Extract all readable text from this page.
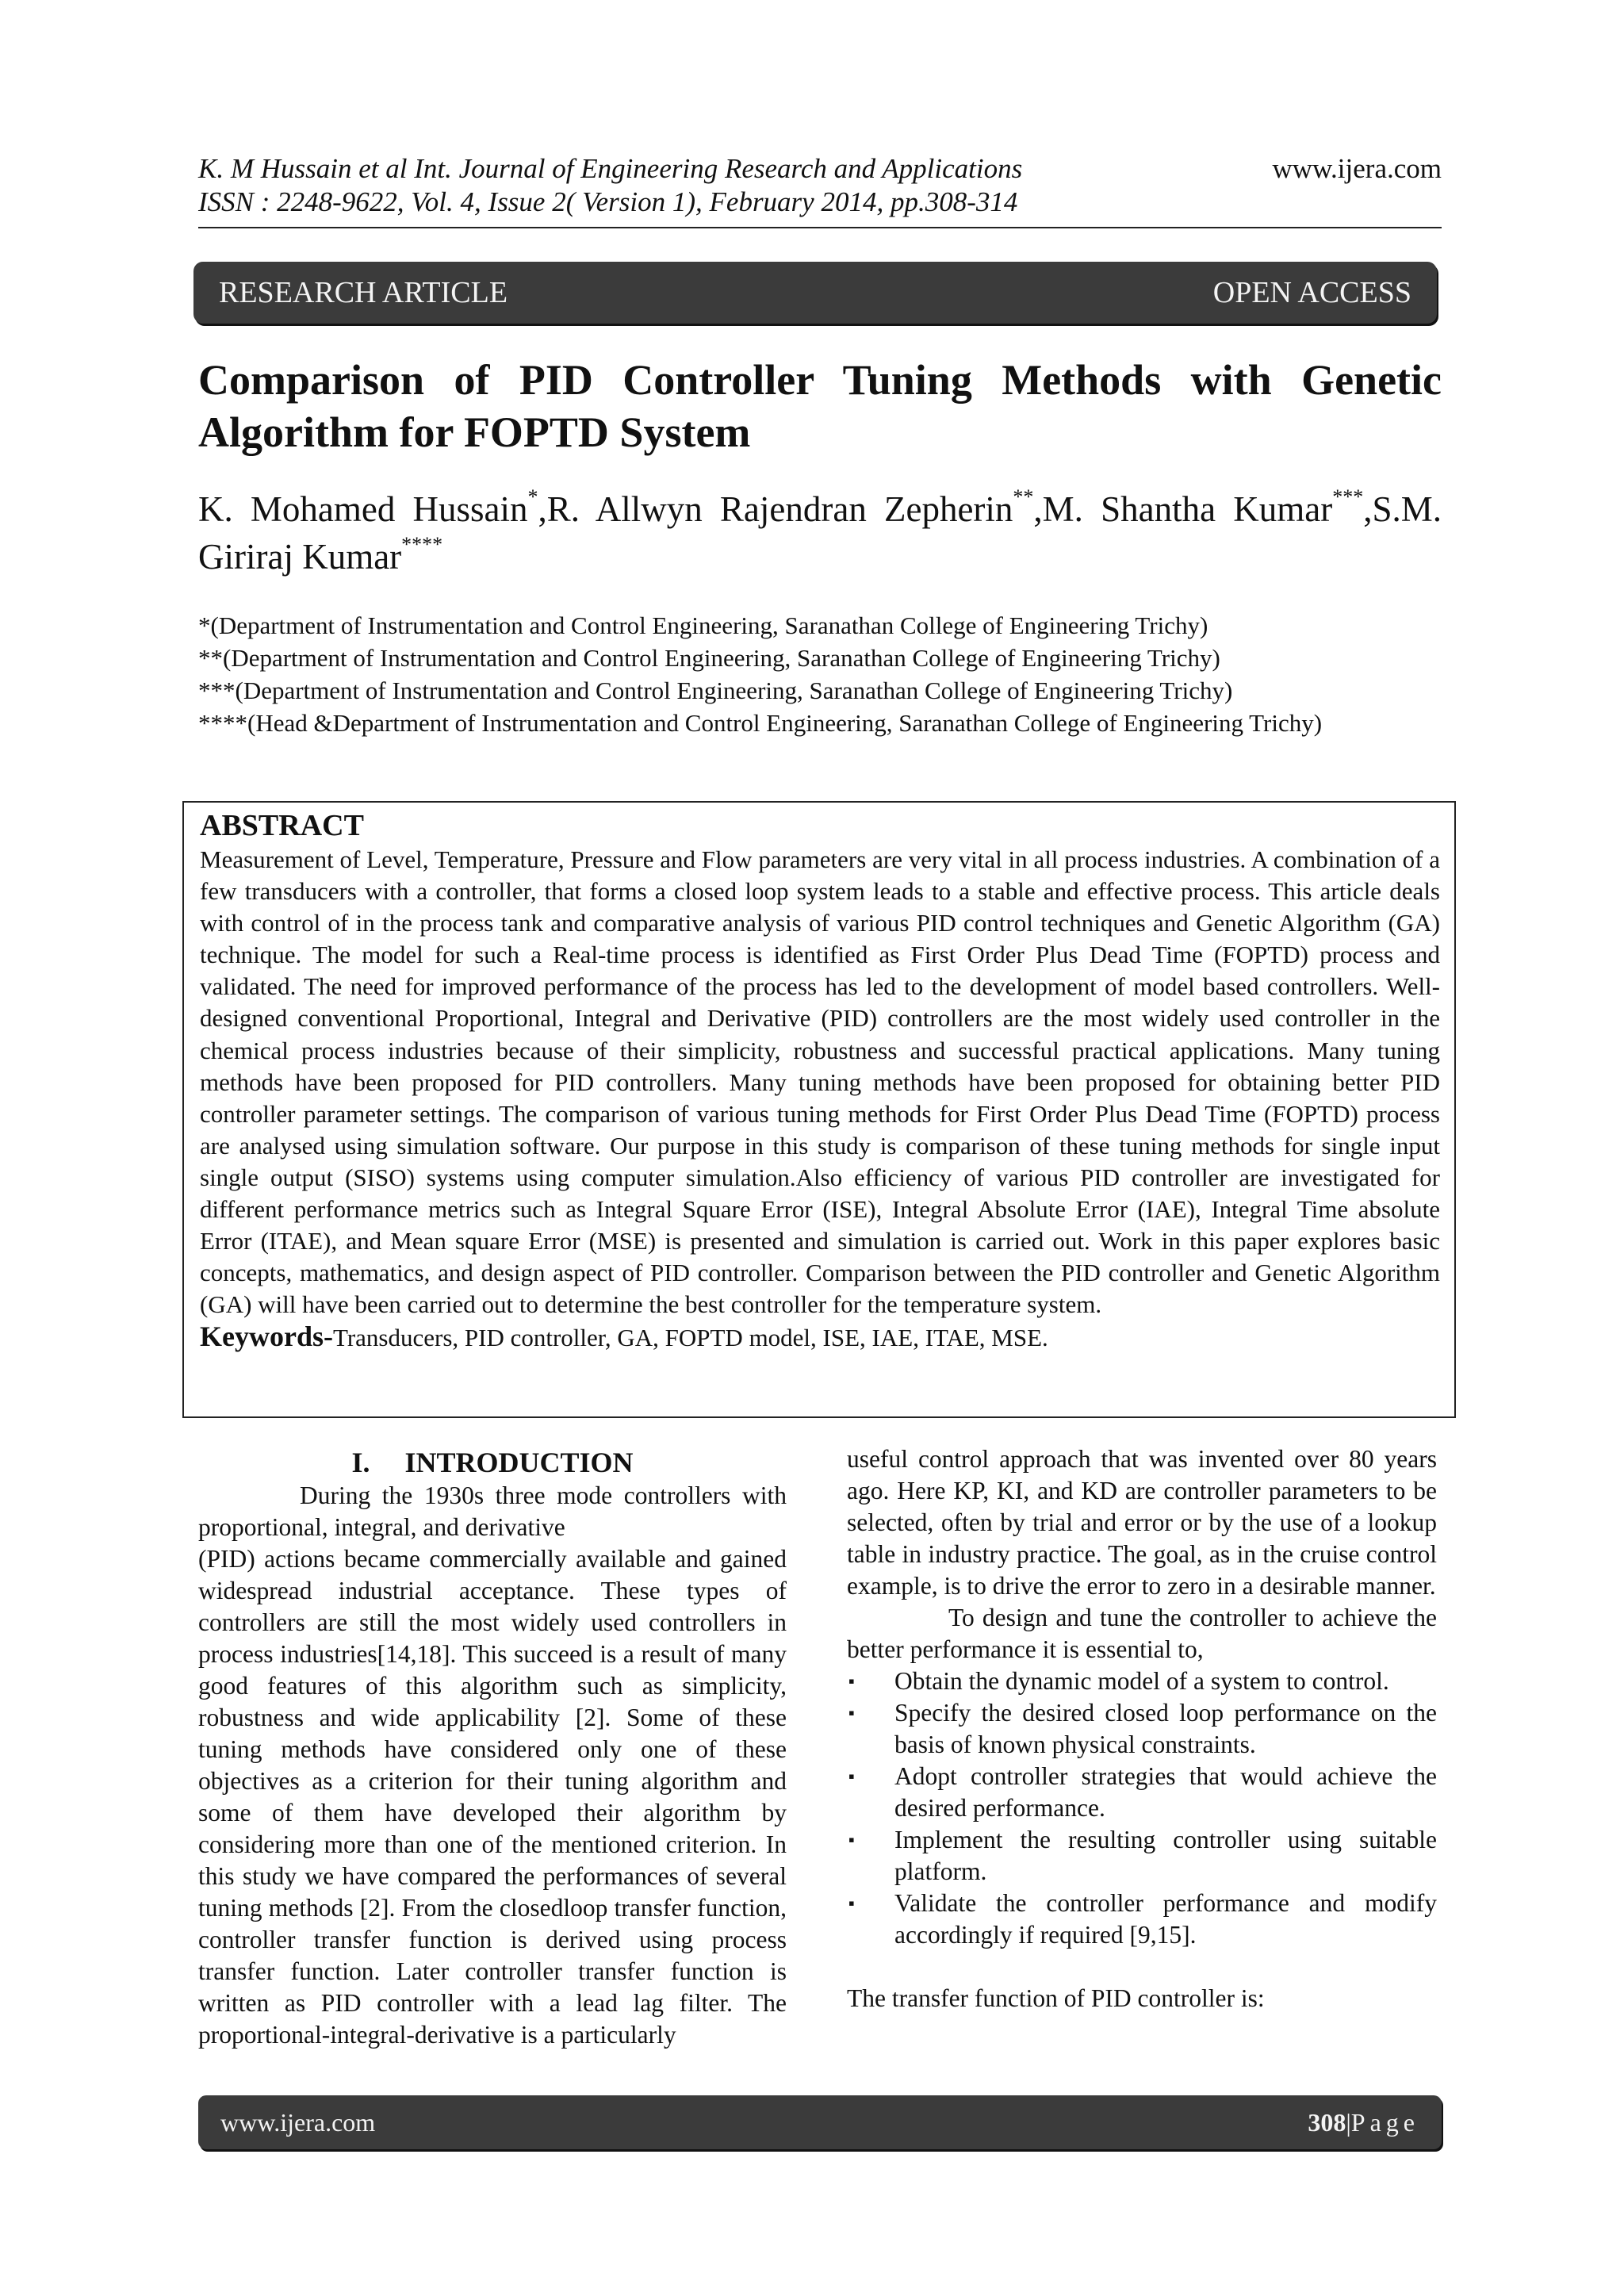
K. M Hussain et al Int. Journal of Engineering Research and Applications
ISSN : 2248-9622, Vol. 4, Issue 2( Version 1), February 2014, pp.308-314
www.ijera.com
RESEARCH ARTICLE	OPEN ACCESS
Comparison of PID Controller Tuning Methods with Genetic Algorithm for FOPTD System
K. Mohamed Hussain*,R. Allwyn Rajendran Zepherin**,M. Shantha Kumar***,S.M. Giriraj Kumar****

*(Department of Instrumentation and Control Engineering, Saranathan College of Engineering Trichy)

**(Department of Instrumentation and Control Engineering, Saranathan College of Engineering Trichy)

***(Department of Instrumentation and Control Engineering, Saranathan College of Engineering Trichy)

****(Head &Department of Instrumentation and Control Engineering, Saranathan College of Engineering Trichy)

ABSTRACT

Measurement of Level, Temperature, Pressure and Flow parameters are very vital in all process industries. A combination of a few transducers with a controller, that forms a closed loop system leads to a stable and effective process. This article deals with control of in the process tank and comparative analysis of various PID control techniques and Genetic Algorithm (GA) technique. The model for such a Real-time process is identified as First Order Plus Dead Time (FOPTD) process and validated. The need for improved performance of the process has led to the development of model based controllers. Well-designed conventional Proportional, Integral and Derivative (PID) controllers are the most widely used controller in the chemical process industries because of their simplicity, robustness and successful practical applications. Many tuning methods have been proposed for PID controllers. Many tuning methods have been proposed for obtaining better PID controller parameter settings. The comparison of various tuning methods for First Order Plus Dead Time (FOPTD) process are analysed using simulation software. Our purpose in this study is comparison of these tuning methods for single input single output (SISO) systems using computer simulation.Also efficiency of various PID controller are investigated for different performance metrics such as Integral Square Error (ISE), Integral Absolute Error (IAE), Integral Time absolute Error (ITAE), and Mean square Error (MSE) is presented and simulation is carried out. Work in this paper explores basic concepts, mathematics, and design aspect of PID controller. Comparison between the PID controller and Genetic Algorithm (GA) will have been carried out to determine the best controller for the temperature system.

Keywords-Transducers, PID controller, GA, FOPTD model, ISE, IAE, ITAE, MSE.
I. INTRODUCTION

During the 1930s three mode controllers with proportional, integral, and derivative

(PID) actions became commercially available and gained widespread industrial acceptance. These types of controllers are still the most widely used controllers in process industries[14,18]. This succeed is a result of many good features of this algorithm such as simplicity, robustness and wide applicability [2]. Some of these tuning methods have considered only one of these objectives as a criterion for their tuning algorithm and some of them have developed their algorithm by considering more than one of the mentioned criterion. In this study we have compared the performances of several tuning methods [2]. From the closedloop transfer function, controller transfer function is derived using process transfer function. Later controller transfer function is written as PID controller with a lead lag filter. The proportional-integral-derivative is a particularly

useful control approach that was invented over 80 years ago. Here KP, KI, and KD are controller parameters to be selected, often by trial and error or by the use of a lookup table in industry practice. The goal, as in the cruise control example, is to drive the error to zero in a desirable manner.

To design and tune the controller to achieve the better performance it is essential to,

▪ Obtain the dynamic model of a system to control.
▪ Specify the desired closed loop performance on the basis of known physical constraints.
▪ Adopt controller strategies that would achieve the desired performance.
▪ Implement the resulting controller using suitable platform.
▪ Validate the controller performance and modify accordingly if required [9,15].

The transfer function of PID controller is:

www.ijera.com	308|Page
